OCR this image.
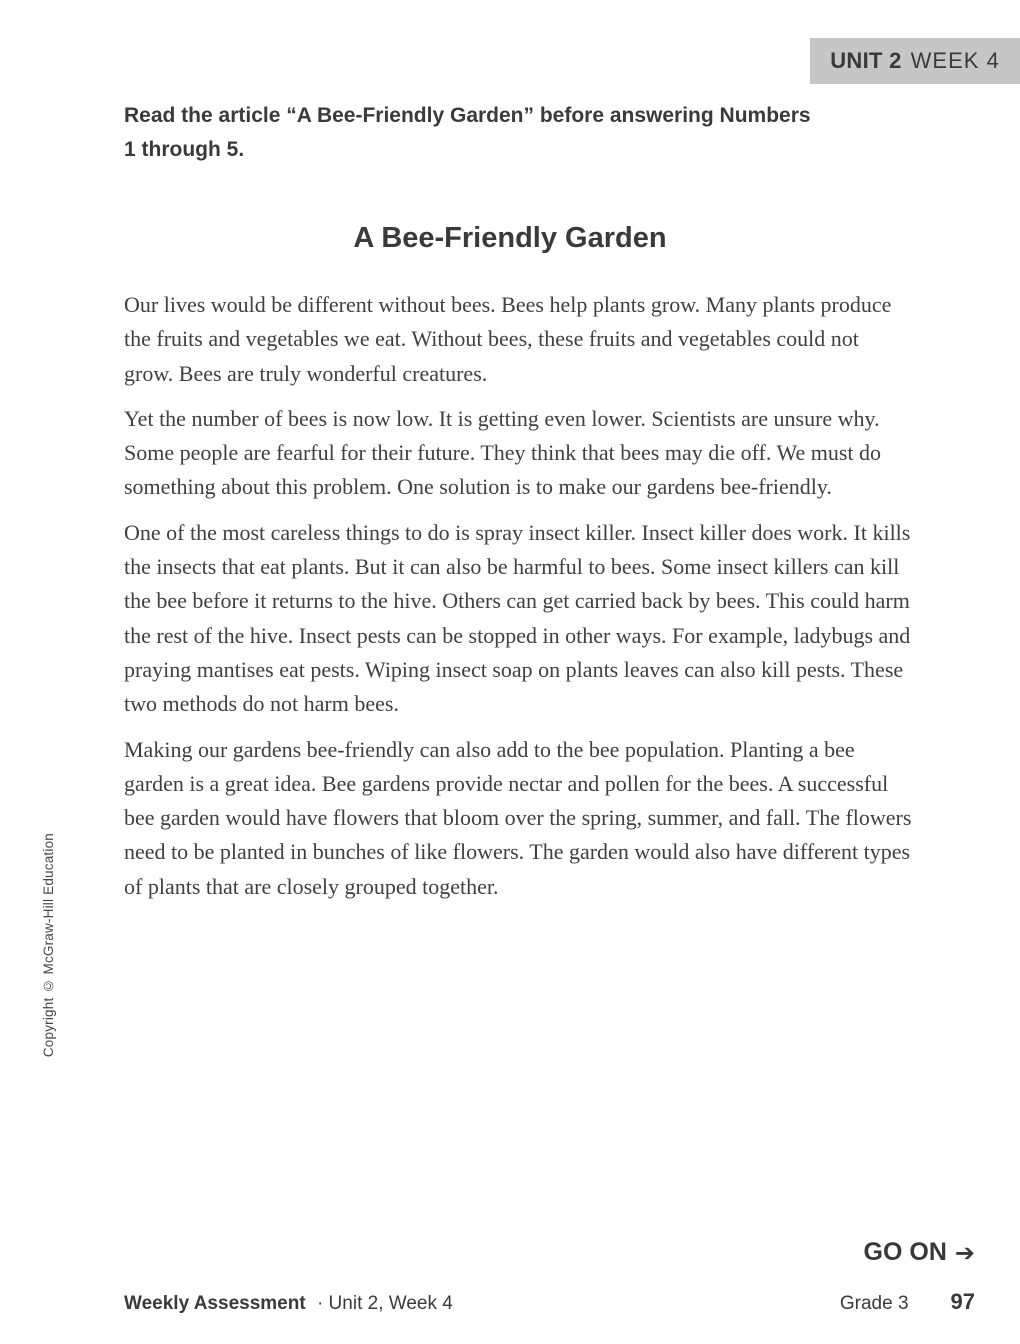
UNIT 2 WEEK 4
Read the article “A Bee-Friendly Garden” before answering Numbers 1 through 5.
A Bee-Friendly Garden

Our lives would be different without bees. Bees help plants grow. Many plants produce the fruits and vegetables we eat. Without bees, these fruits and vegetables could not grow. Bees are truly wonderful creatures.

Yet the number of bees is now low. It is getting even lower. Scientists are unsure why. Some people are fearful for their future. They think that bees may die off. We must do something about this problem. One solution is to make our gardens bee-friendly.

One of the most careless things to do is spray insect killer. Insect killer does work. It kills the insects that eat plants. But it can also be harmful to bees. Some insect killers can kill the bee before it returns to the hive. Others can get carried back by bees. This could harm the rest of the hive. Insect pests can be stopped in other ways. For example, ladybugs and praying mantises eat pests. Wiping insect soap on plants leaves can also kill pests. These two methods do not harm bees.

Making our gardens bee-friendly can also add to the bee population. Planting a bee garden is a great idea. Bee gardens provide nectar and pollen for the bees. A successful bee garden would have flowers that bloom over the spring, summer, and fall. The flowers need to be planted in bunches of like flowers. The garden would also have different types of plants that are closely grouped together.

Copyright © McGraw-Hill Education
GO ON ➔
Weekly Assessment · Unit 2, Week 4	Grade 3 97
